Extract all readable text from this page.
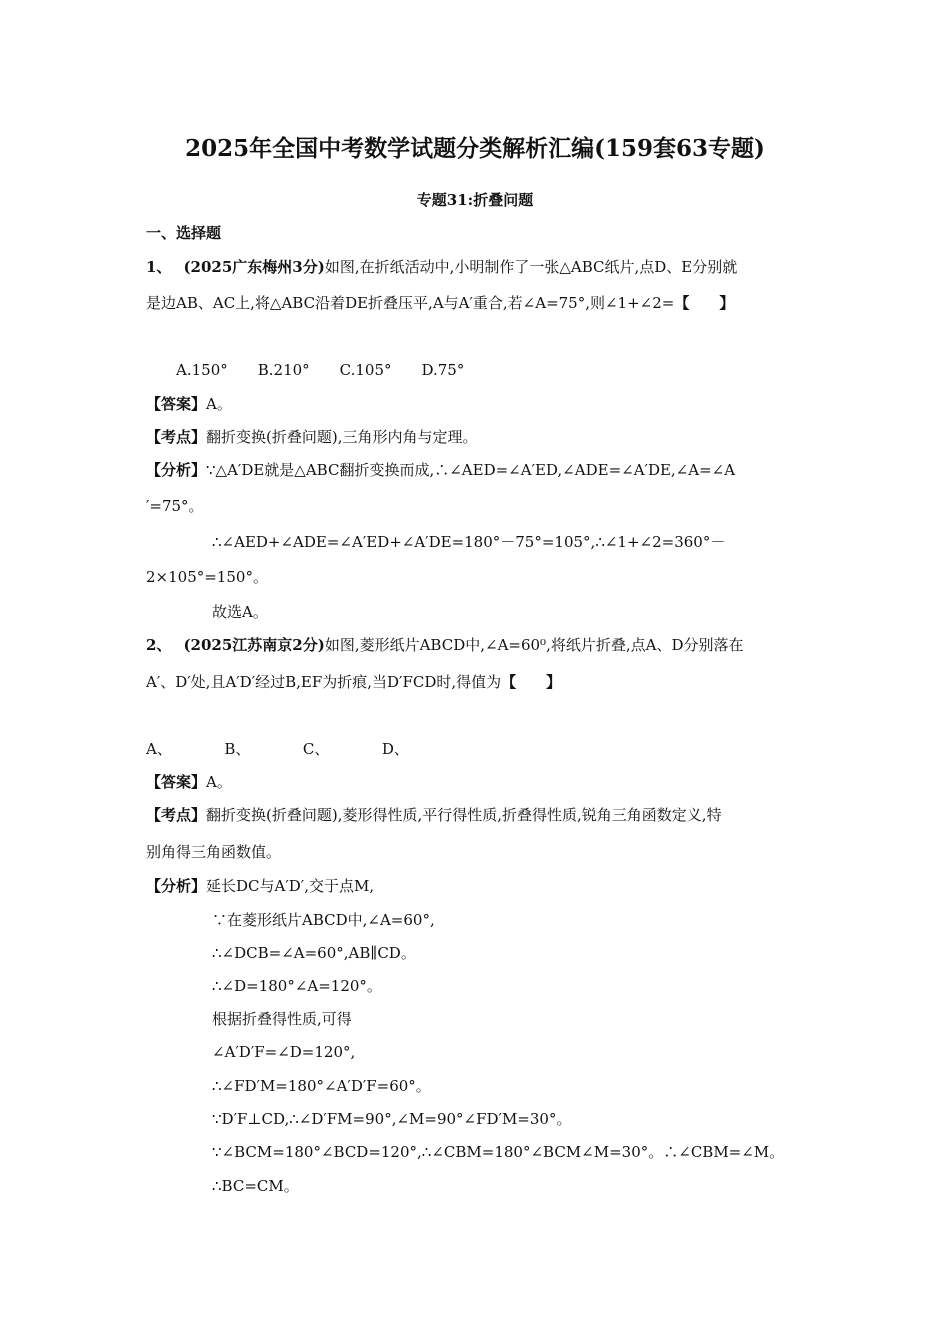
2025年全国中考数学试题分类解析汇编(159套63专题)
专题31:折叠问题
一、选择题
1、 (2025广东梅州3分)如图,在折纸活动中,小明制作了一张△ABC纸片,点D、E分别就
是边AB、AC上,将△ABC沿着DE折叠压平,A与A′重合,若∠A=75°,则∠1+∠2=【　　】
A.150°　　B.210°　　C.105°　　D.75°
【答案】A。
【考点】翻折变换(折叠问题),三角形内角与定理。
【分析】∵△A′DE就是△ABC翻折变换而成,∴∠AED=∠A′ED,∠ADE=∠A′DE,∠A=∠A
′=75°。
∴∠AED+∠ADE=∠A′ED+∠A′DE=180°－75°=105°,∴∠1+∠2=360°－
2×105°=150°。
故选A。
2、 (2025江苏南京2分)如图,菱形纸片ABCD中,∠A=60⁰,将纸片折叠,点A、D分别落在
A′、D′处,且A′D′经过B,EF为折痕,当D′FCD时,得值为【　　】
A、　　　　B、　　　　C、　　　　D、
【答案】A。
【考点】翻折变换(折叠问题),菱形得性质,平行得性质,折叠得性质,锐角三角函数定义,特
别角得三角函数值。
【分析】延长DC与A′D′,交于点M,
∵在菱形纸片ABCD中,∠A=60°,
∴∠DCB=∠A=60°,AB∥CD。
∴∠D=180°∠A=120°。
根据折叠得性质,可得
∠A′D′F=∠D=120°,
∴∠FD′M=180°∠A′D′F=60°。
∵D′F⊥CD,∴∠D′FM=90°,∠M=90°∠FD′M=30°。
∵∠BCM=180°∠BCD=120°,∴∠CBM=180°∠BCM∠M=30°。∴∠CBM=∠M。
∴BC=CM。
